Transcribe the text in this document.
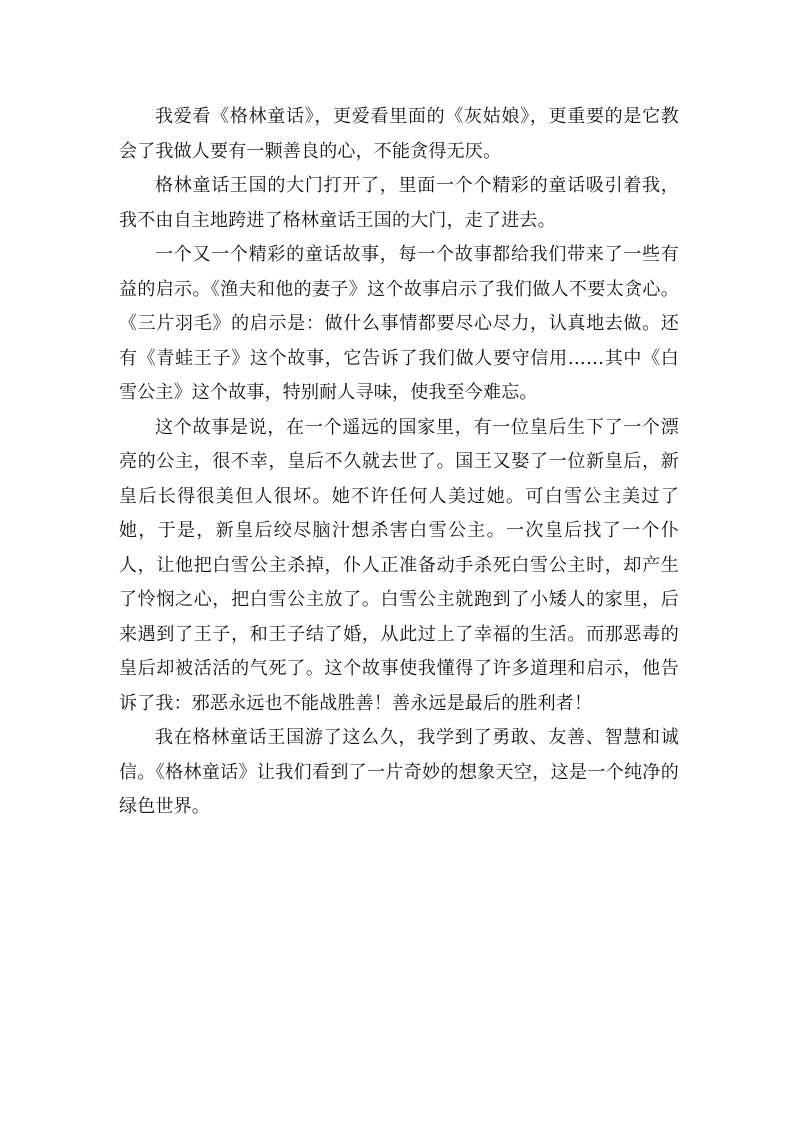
我爱看《格林童话》，更爱看里面的《灰姑娘》，更重要的是它教会了我做人要有一颗善良的心，不能贪得无厌。

格林童话王国的大门打开了，里面一个个精彩的童话吸引着我，我不由自主地跨进了格林童话王国的大门，走了进去。

一个又一个精彩的童话故事，每一个故事都给我们带来了一些有益的启示。《渔夫和他的妻子》这个故事启示了我们做人不要太贪心。《三片羽毛》的启示是：做什么事情都要尽心尽力，认真地去做。还有《青蛙王子》这个故事，它告诉了我们做人要守信用……其中《白雪公主》这个故事，特别耐人寻味，使我至今难忘。

这个故事是说，在一个遥远的国家里，有一位皇后生下了一个漂亮的公主，很不幸，皇后不久就去世了。国王又娶了一位新皇后，新皇后长得很美但人很坏。她不许任何人美过她。可白雪公主美过了她，于是，新皇后绞尽脑汁想杀害白雪公主。一次皇后找了一个仆人，让他把白雪公主杀掉，仆人正准备动手杀死白雪公主时，却产生了怜悯之心，把白雪公主放了。白雪公主就跑到了小矮人的家里，后来遇到了王子，和王子结了婚，从此过上了幸福的生活。而那恶毒的皇后却被活活的气死了。这个故事使我懂得了许多道理和启示，他告诉了我：邪恶永远也不能战胜善！善永远是最后的胜利者！

我在格林童话王国游了这么久，我学到了勇敢、友善、智慧和诚信。《格林童话》让我们看到了一片奇妙的想象天空，这是一个纯净的绿色世界。
